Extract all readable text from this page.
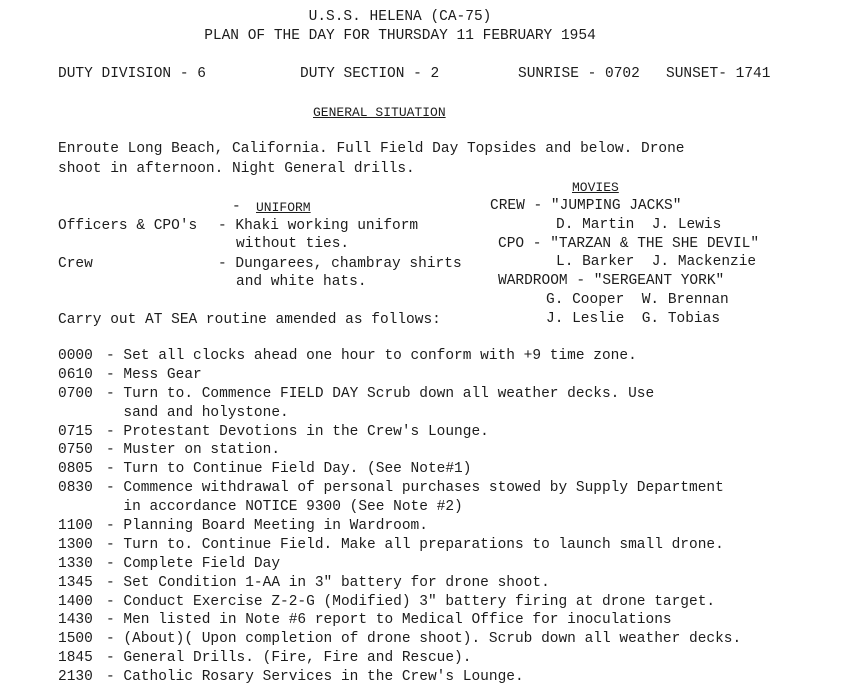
U.S.S. HELENA (CA-75)
PLAN OF THE DAY FOR THURSDAY 11 FEBRUARY 1954
DUTY DIVISION - 6	DUTY SECTION - 2	SUNRISE - 0702 SUNSET- 1741
GENERAL SITUATION
Enroute Long Beach, California. Full Field Day Topsides and below. Drone
shoot in afternoon. Night General drills.
- UNIFORM
Officers & CPO's - Khaki working uniform
without ties.
Crew	- Dungarees, chambray shirts
and white hats.
MOVIES
CREW - "JUMPING JACKS"
D. Martin  J. Lewis
CPO - "TARZAN & THE SHE DEVIL"
L. Barker  J. Mackenzie
WARDROOM - "SERGEANT YORK"
G. Cooper  W. Brennan
J. Leslie  G. Tobias
Carry out AT SEA routine amended as follows:
0000 - Set all clocks ahead one hour to conform with +9 time zone.
0610 - Mess Gear
0700 - Turn to. Commence FIELD DAY Scrub down all weather decks. Use
sand and holystone.
0715 - Protestant Devotions in the Crew's Lounge.
0750 - Muster on station.
0805 - Turn to Continue Field Day. (See Note#1)
0830 - Commence withdrawal of personal purchases stowed by Supply Department
in accordance NOTICE 9300 (See Note #2)
1100 - Planning Board Meeting in Wardroom.
1300 - Turn to. Continue Field. Make all preparations to launch small drone.
1330 - Complete Field Day
1345 - Set Condition 1-AA in 3" battery for drone shoot.
1400 - Conduct Exercise Z-2-G (Modified) 3" battery firing at drone target.
1430 - Men listed in Note #6 report to Medical Office for inoculations
1500 - (About)( Upon completion of drone shoot). Scrub down all weather decks.
1845 - General Drills. (Fire, Fire and Rescue).
2130 - Catholic Rosary Services in the Crew's Lounge.
